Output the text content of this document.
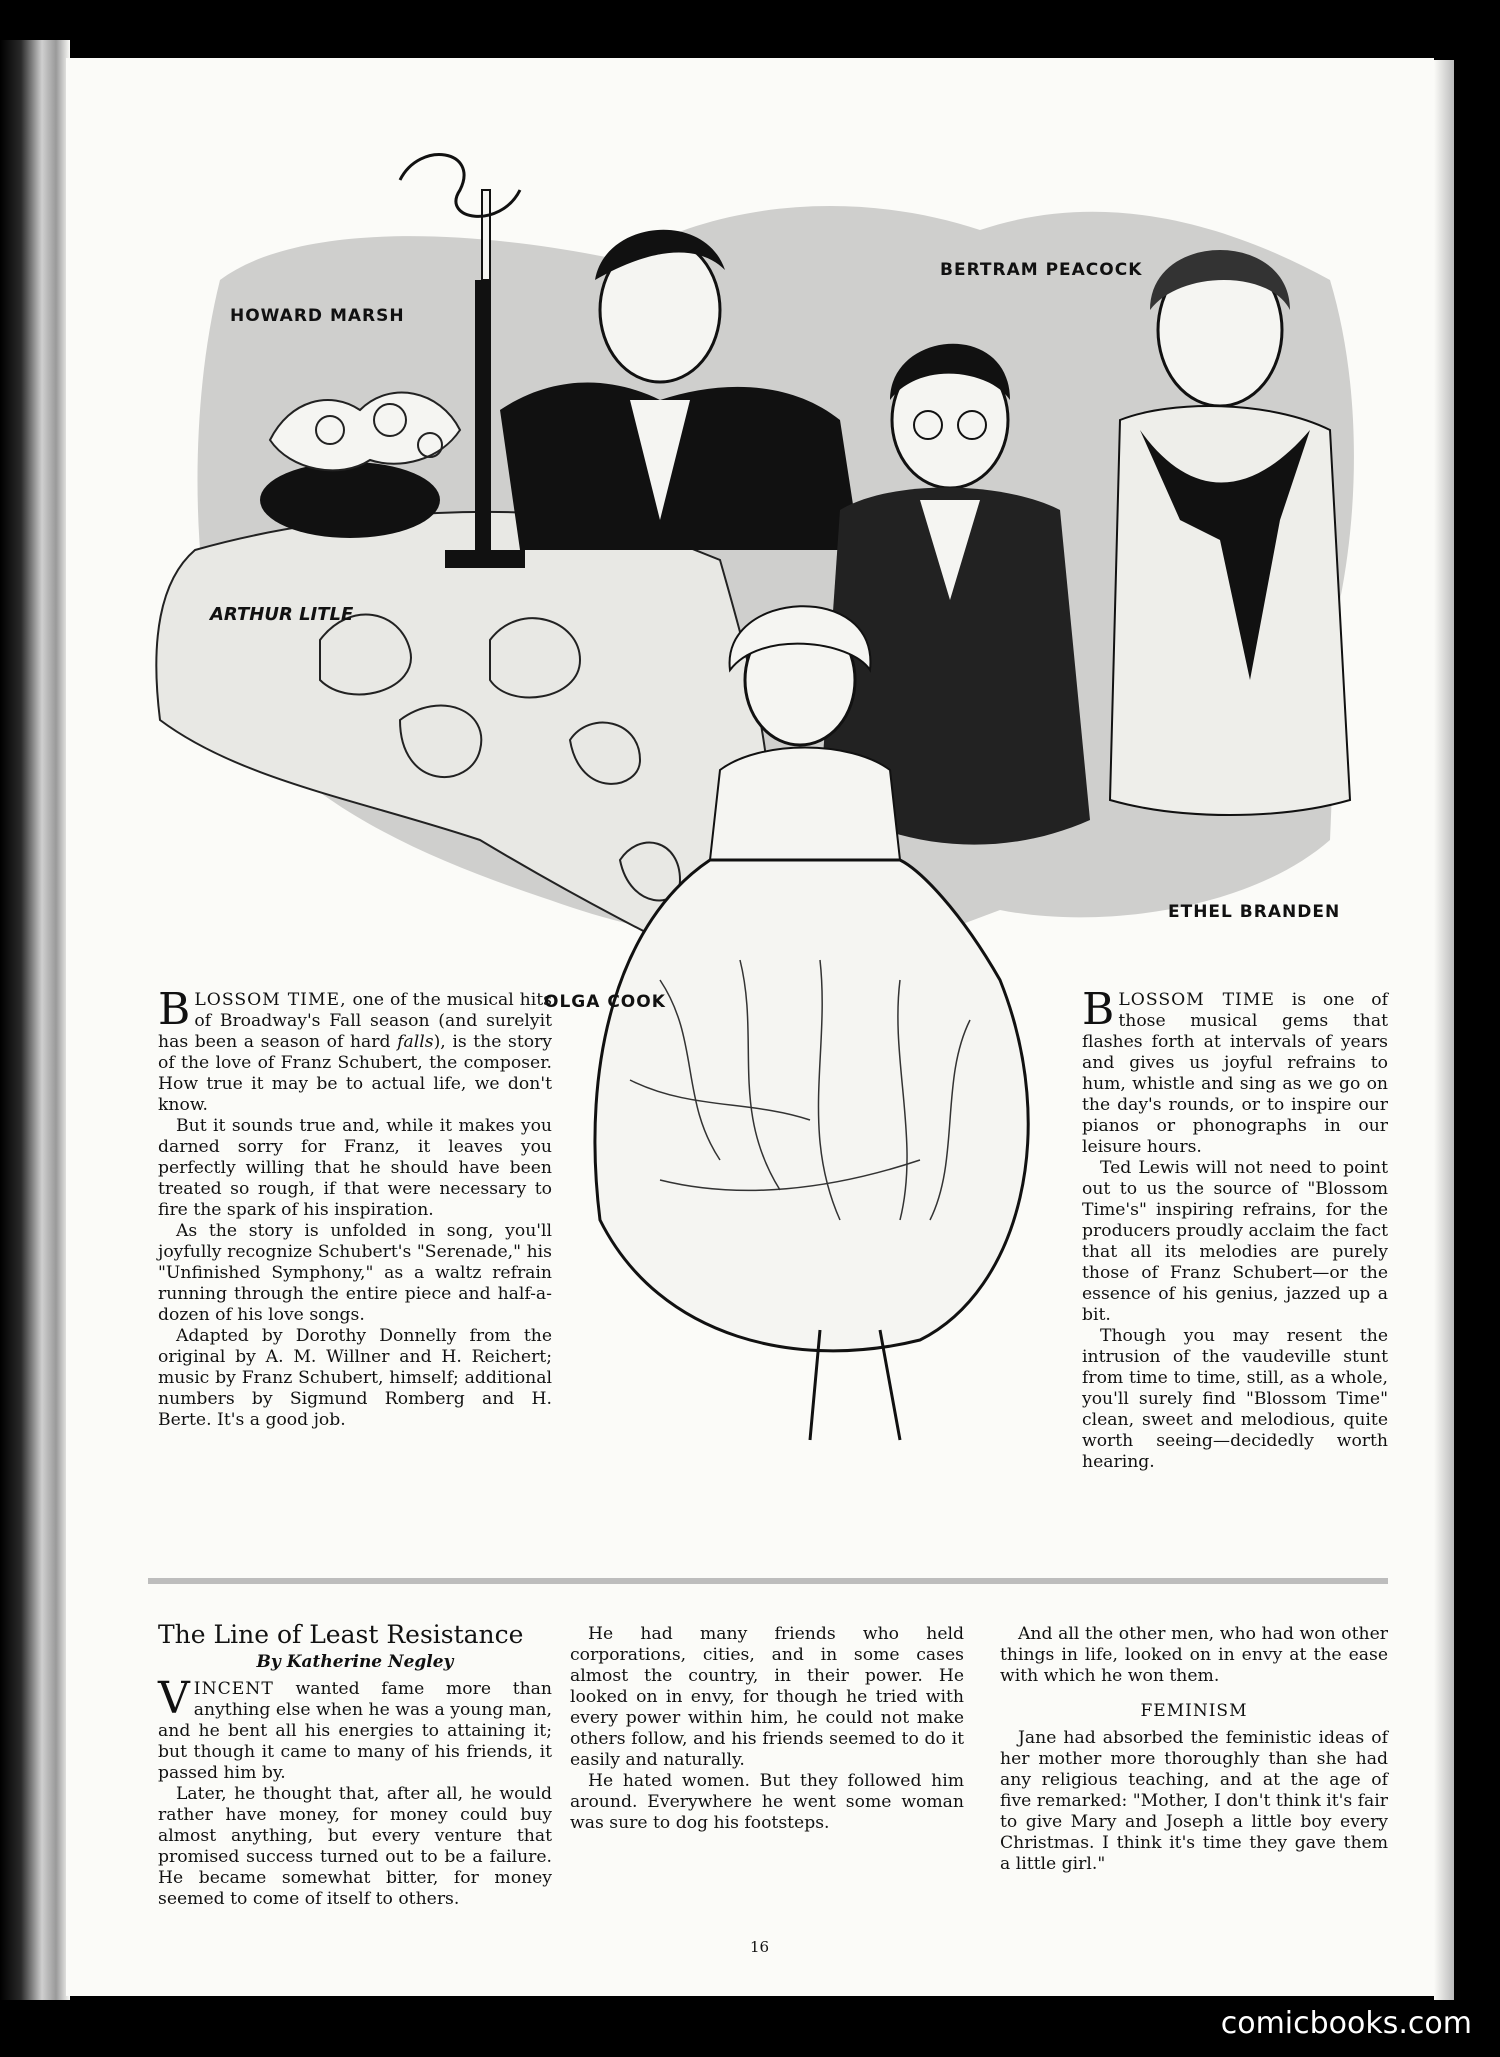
ARTHUR LITLE
HOWARD MARSH
BERTRAM PEACOCK
ETHEL BRANDEN
OLGA COOK

BLOSSOM TIME, one of the musical hits of Broadway's Fall season (and surelyit has been a season of hard falls), is the story of the love of Franz Schubert, the composer. How true it may be to actual life, we don't know.

But it sounds true and, while it makes you darned sorry for Franz, it leaves you perfectly willing that he should have been treated so rough, if that were necessary to fire the spark of his inspiration.

As the story is unfolded in song, you'll joyfully recognize Schubert's "Serenade," his "Unfinished Symphony," as a waltz refrain running through the entire piece and half-a-dozen of his love songs.

Adapted by Dorothy Donnelly from the original by A. M. Willner and H. Reichert; music by Franz Schubert, himself; additional numbers by Sigmund Romberg and H. Berte. It's a good job.

BLOSSOM TIME is one of those musical gems that flashes forth at intervals of years and gives us joyful refrains to hum, whistle and sing as we go on the day's rounds, or to inspire our pianos or phonographs in our leisure hours.

Ted Lewis will not need to point out to us the source of "Blossom Time's" inspiring refrains, for the producers proudly acclaim the fact that all its melodies are purely those of Franz Schubert—or the essence of his genius, jazzed up a bit.

Though you may resent the intrusion of the vaudeville stunt from time to time, still, as a whole, you'll surely find "Blossom Time" clean, sweet and melodious, quite worth seeing—decidedly worth hearing.

The Line of Least Resistance
By Katherine Negley

VINCENT wanted fame more than anything else when he was a young man, and he bent all his energies to attaining it; but though it came to many of his friends, it passed him by.

Later, he thought that, after all, he would rather have money, for money could buy almost anything, but every venture that promised success turned out to be a failure. He became somewhat bitter, for money seemed to come of itself to others.

He had many friends who held corporations, cities, and in some cases almost the country, in their power. He looked on in envy, for though he tried with every power within him, he could not make others follow, and his friends seemed to do it easily and naturally.

He hated women. But they followed him around. Everywhere he went some woman was sure to dog his footsteps.

And all the other men, who had won other things in life, looked on in envy at the ease with which he won them.

FEMINISM

Jane had absorbed the feministic ideas of her mother more thoroughly than she had any religious teaching, and at the age of five remarked: "Mother, I don't think it's fair to give Mary and Joseph a little boy every Christmas. I think it's time they gave them a little girl."

16
comicbooks.com
